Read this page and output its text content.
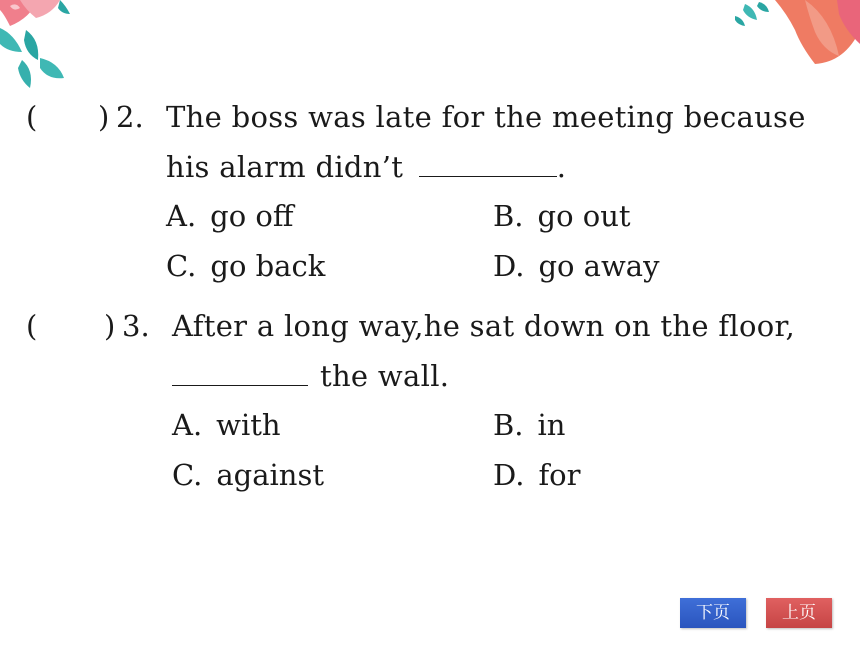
( ) 2. The boss was late for the meeting because
his alarm didn’t	.
A. go off	B. go out
C. go back	D. go away
( ) 3. After a long way,he sat down on the floor,
the wall.
A. with	B. in
C. against	D. for
下页	上页
